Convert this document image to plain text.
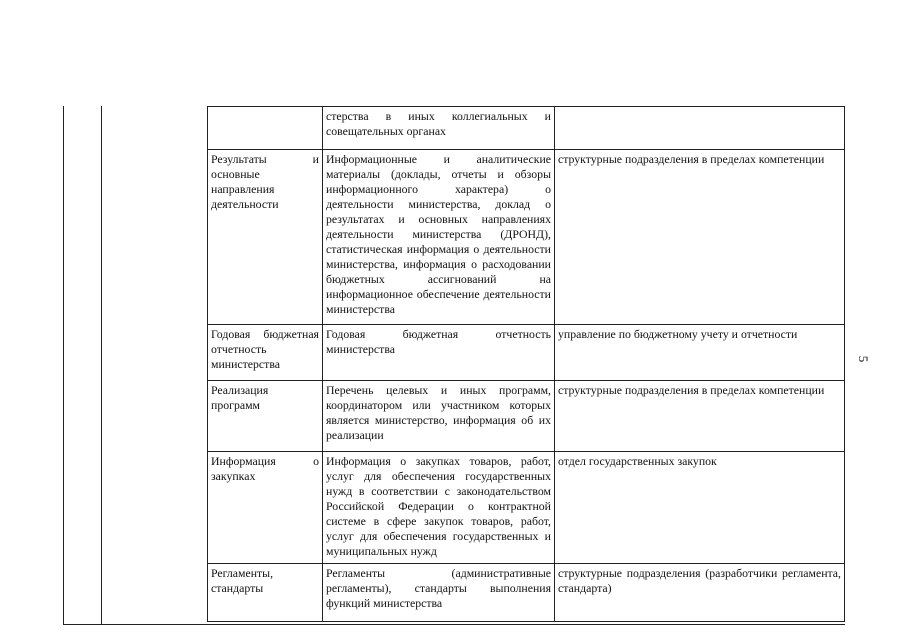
	стерства в иных коллегиальных и совещательных органах	
Результаты и основные направления деятельности	Информационные и аналитические материалы (доклады, отчеты и обзоры информационного характера) о деятельности министерства, доклад о результатах и основных направлениях деятельности министерства (ДРОНД), статистическая информация о деятельности министерства, информация о расходовании бюджетных ассигнований на информационное обеспечение деятельности министерства	структурные подразделения в пределах компетенции
Годовая бюджетная отчетность министерства	Годовая бюджетная отчетность министерства	управление по бюджетному учету и отчетности
Реализация программ	Перечень целевых и иных программ, координатором или участником которых является министерство, информация об их реализации	структурные подразделения в пределах компетенции
Информация о закупках	Информация о закупках товаров, работ, услуг для обеспечения государственных нужд в соответствии с законодательством Российской Федерации о контрактной системе в сфере закупок товаров, работ, услуг для обеспечения государственных и муниципальных нужд	отдел государственных закупок
Регламенты, стандарты	Регламенты (административные регламенты), стандарты выполнения функций министерства	структурные подразделения (разработчики регламента, стандарта)
5
